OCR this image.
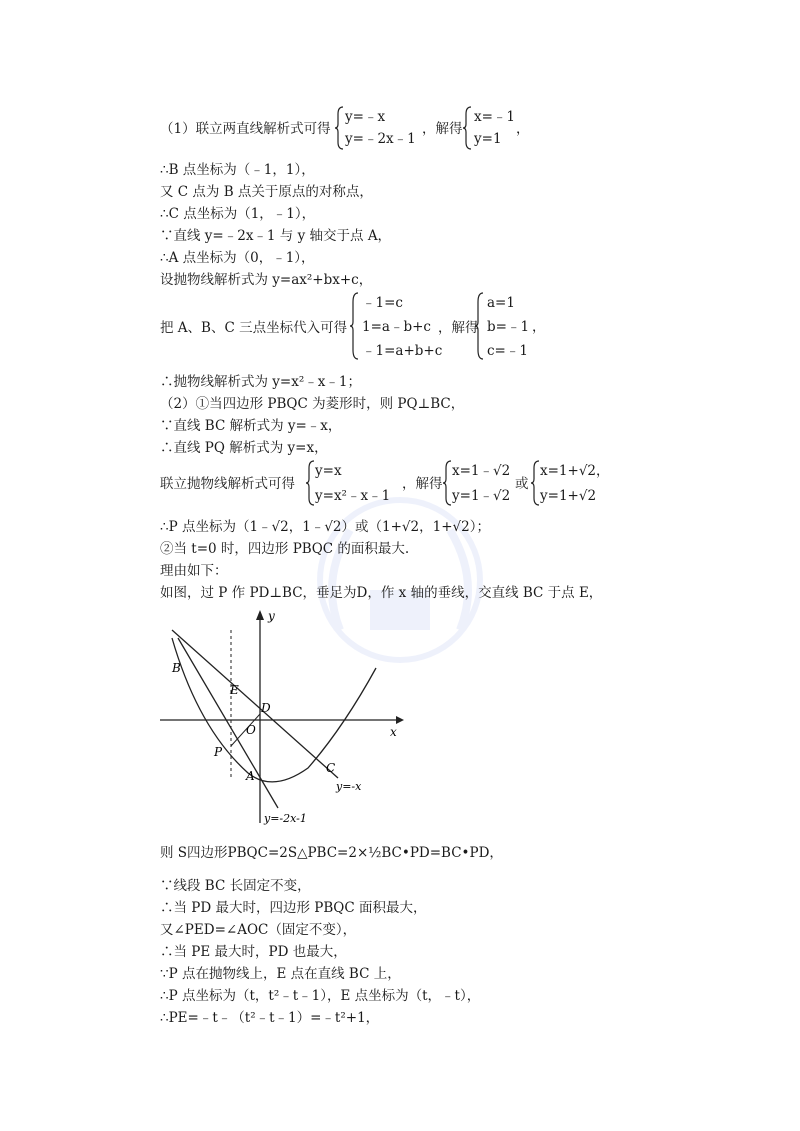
（1）联立两直线解析式可得
y=﹣x
y=﹣2x﹣1
，解得
x=﹣1
y=1
，
∴B 点坐标为（﹣1，1），
又 C 点为 B 点关于原点的对称点，
∴C 点坐标为（1，﹣1），
∵直线 y=﹣2x﹣1 与 y 轴交于点 A，
∴A 点坐标为（0，﹣1），
设抛物线解析式为 y=ax²+bx+c，
把 A、B、C 三点坐标代入可得
﹣1=c
1=a﹣b+c
﹣1=a+b+c
，解得
a=1
b=﹣1
c=﹣1
，
∴抛物线解析式为 y=x²﹣x﹣1；
（2）①当四边形 PBQC 为菱形时，则 PQ⊥BC，
∵直线 BC 解析式为 y=﹣x，
∴直线 PQ 解析式为 y=x，
联立抛物线解析式可得
y=x
y=x²﹣x﹣1
，解得
x=1﹣√2
y=1﹣√2
或
x=1+√2
y=1+√2
，
∴P 点坐标为（1﹣√2，1﹣√2）或（1+√2，1+√2）；
②当 t=0 时，四边形 PBQC 的面积最大.
理由如下：
如图，过 P 作 PD⊥BC，垂足为D，作 x 轴的垂线，交直线 BC 于点 E，
y
x
B
E
D
O
P
A
C
y=-x
y=-2x-1
则 S四边形PBQC=2S△PBC=2×½BC•PD=BC•PD，
∵线段 BC 长固定不变，
∴当 PD 最大时，四边形 PBQC 面积最大，
又∠PED=∠AOC（固定不变），
∴当 PE 最大时，PD 也最大，
∵P 点在抛物线上，E 点在直线 BC 上，
∴P 点坐标为（t，t²﹣t﹣1），E 点坐标为（t，﹣t），
∴PE=﹣t﹣（t²﹣t﹣1）=﹣t²+1，
